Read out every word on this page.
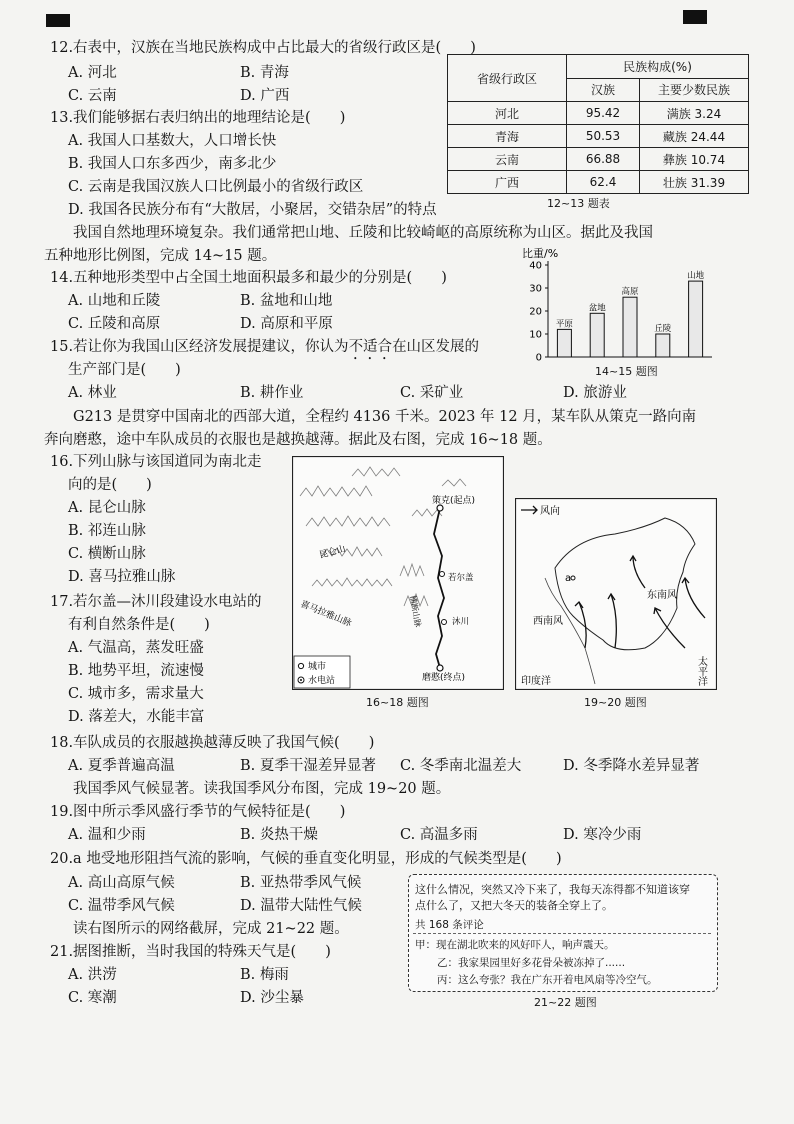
12.右表中，汉族在当地民族构成中占比最大的省级行政区是(　　)
A. 河北	B. 青海
C. 云南	D. 广西
省级行政区	民族构成(%)	
	汉族	主要少数民族
河北	95.42	满族 3.24
青海	50.53	藏族 24.44
云南	66.88	彝族 10.74
广西	62.4	壮族 31.39
12~13 题表
13.我们能够据右表归纳出的地理结论是(　　)
A. 我国人口基数大，人口增长快
B. 我国人口东多西少，南多北少
C. 云南是我国汉族人口比例最小的省级行政区
D. 我国各民族分布有“大散居，小聚居，交错杂居”的特点
　　我国自然地理环境复杂。我们通常把山地、丘陵和比较崎岖的高原统称为山区。据此及我国
五种地形比例图，完成 14~15 题。
14.五种地形类型中占全国土地面积最多和最少的分别是(　　)
A. 山地和丘陵	B. 盆地和山地
C. 丘陵和高原	D. 高原和平原
15.若让你为我国山区经济发展提建议，你认为不适合在山区发展的
生产部门是(　　)
A. 林业	B. 耕作业	C. 采矿业	D. 旅游业
比重/%
0
10
20
30
40
平原
盆地
高原
丘陵
山地
14~15 题图
　　G213 是贯穿中国南北的西部大道，全程约 4136 千米。2023 年 12 月，某车队从策克一路向南
奔向磨憨，途中车队成员的衣服也是越换越薄。据此及右图，完成 16~18 题。
16.下列山脉与该国道同为南北走
向的是(　　)
A. 昆仑山脉
B. 祁连山脉
C. 横断山脉
D. 喜马拉雅山脉
17.若尔盖—沐川段建设水电站的
有利自然条件是(　　)
A. 气温高，蒸发旺盛
B. 地势平坦，流速慢
C. 城市多，需求量大
D. 落差大，水能丰富
策克(起点)
磨憨(终点)
昆仑山
若尔盖
沐川
喜马拉雅山脉	横断山脉
城市
水电站
16~18 题图
风向
a
西南风
东南风
印度洋	太平洋
19~20 题图
18.车队成员的衣服越换越薄反映了我国气候(　　)
A. 夏季普遍高温	B. 夏季干湿差异显著 C. 冬季南北温差大	D. 冬季降水差异显著
　　我国季风气候显著。读我国季风分布图，完成 19~20 题。
19.图中所示季风盛行季节的气候特征是(　　)
A. 温和少雨	B. 炎热干燥	C. 高温多雨	D. 寒冷少雨
20.a 地受地形阻挡气流的影响，气候的垂直变化明显，形成的气候类型是(　　)
A. 高山高原气候	B. 亚热带季风气候
C. 温带季风气候	D. 温带大陆性气候
　　读右图所示的网络截屏，完成 21~22 题。
21.据图推断，当时我国的特殊天气是(　　)
A. 洪涝	B. 梅雨
C. 寒潮	D. 沙尘暴
这什么情况，突然又冷下来了，我每天冻得都不知道该穿
点什么了，又把大冬天的装备全穿上了。
共 168 条评论
甲：现在湖北吹来的风好吓人，响声震天。
乙：我家果园里好多花骨朵被冻掉了......
丙：这么夸张？我在广东开着电风扇等冷空气。
21~22 题图
